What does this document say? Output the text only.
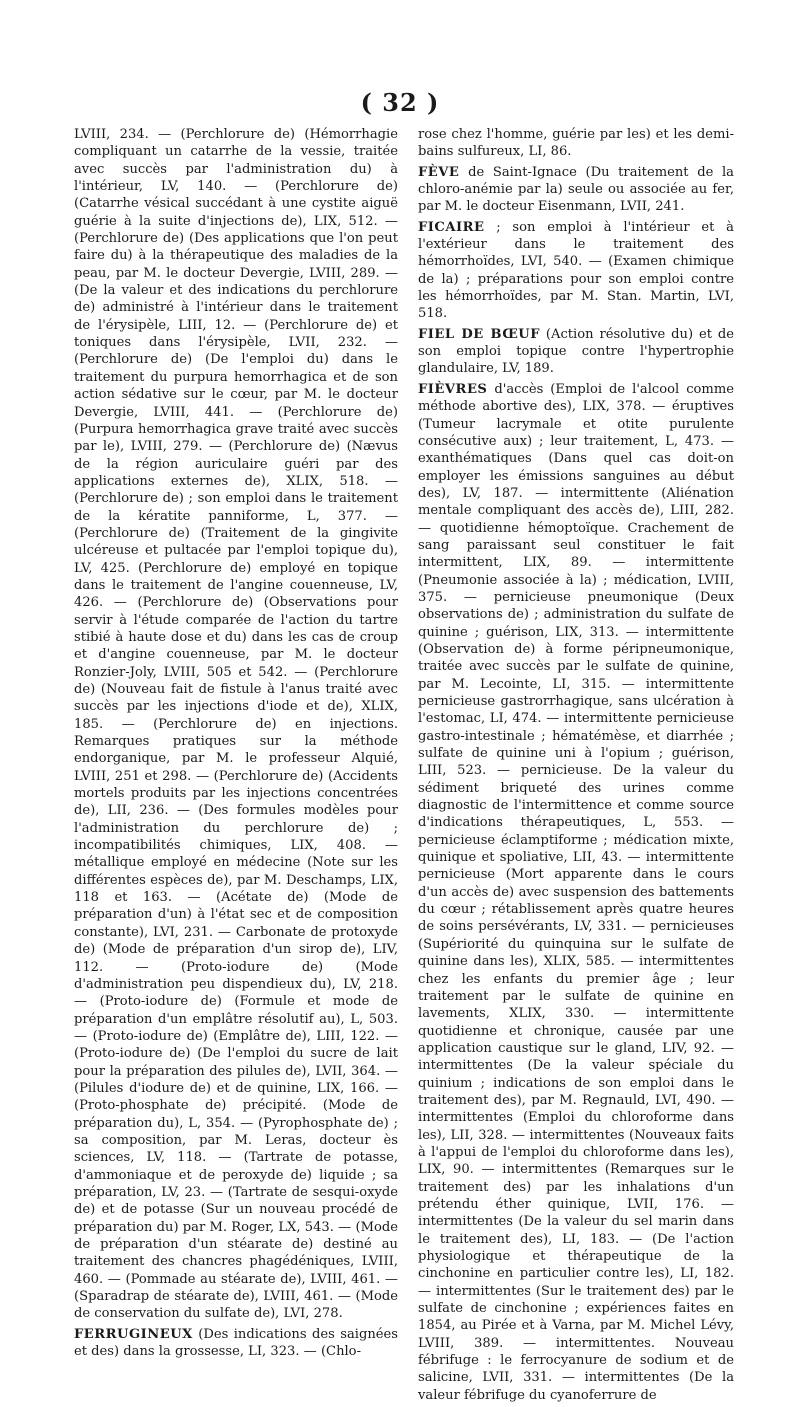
( 32 )

LVIII, 234. — (Perchlorure de) (Hémorrhagie compliquant un catarrhe de la vessie, traitée avec succès par l'administration du) à l'intérieur, LV, 140. — (Perchlorure de) (Catarrhe vésical succédant à une cystite aiguë guérie à la suite d'injections de), LIX, 512. — (Perchlorure de) (Des applications que l'on peut faire du) à la thérapeutique des maladies de la peau, par M. le docteur Devergie, LVIII, 289. — (De la valeur et des indications du perchlorure de) administré à l'intérieur dans le traitement de l'érysipèle, LIII, 12. — (Perchlorure de) et toniques dans l'érysipèle, LVII, 232. — (Perchlorure de) (De l'emploi du) dans le traitement du purpura hemorrhagica et de son action sédative sur le cœur, par M. le docteur Devergie, LVIII, 441. — (Perchlorure de) (Purpura hemorrhagica grave traité avec succès par le), LVIII, 279. — (Perchlorure de) (Nævus de la région auriculaire guéri par des applications externes de), XLIX, 518. — (Perchlorure de) ; son emploi dans le traitement de la kératite panniforme, L, 377. — (Perchlorure de) (Traitement de la gingivite ulcéreuse et pultacée par l'emploi topique du), LV, 425. (Perchlorure de) employé en topique dans le traitement de l'angine couenneuse, LV, 426. — (Perchlorure de) (Observations pour servir à l'étude comparée de l'action du tartre stibié à haute dose et du) dans les cas de croup et d'angine couenneuse, par M. le docteur Ronzier-Joly, LVIII, 505 et 542. — (Perchlorure de) (Nouveau fait de fistule à l'anus traité avec succès par les injections d'iode et de), XLIX, 185. — (Perchlorure de) en injections. Remarques pratiques sur la méthode endorganique, par M. le professeur Alquié, LVIII, 251 et 298. — (Perchlorure de) (Accidents mortels produits par les injections concentrées de), LII, 236. — (Des formules modèles pour l'administration du perchlorure de) ; incompatibilités chimiques, LIX, 408. — métallique employé en médecine (Note sur les différentes espèces de), par M. Deschamps, LIX, 118 et 163. — (Acétate de) (Mode de préparation d'un) à l'état sec et de composition constante), LVI, 231. — Carbonate de protoxyde de) (Mode de préparation d'un sirop de), LIV, 112. — (Proto-iodure de) (Mode d'administration peu dispendieux du), LV, 218. — (Proto-iodure de) (Formule et mode de préparation d'un emplâtre résolutif au), L, 503. — (Proto-iodure de) (Emplâtre de), LIII, 122. — (Proto-iodure de) (De l'emploi du sucre de lait pour la préparation des pilules de), LVII, 364. — (Pilules d'iodure de) et de quinine, LIX, 166. — (Proto-phosphate de) précipité. (Mode de préparation du), L, 354. — (Pyrophosphate de) ; sa composition, par M. Leras, docteur ès sciences, LV, 118. — (Tartrate de potasse, d'ammoniaque et de peroxyde de) liquide ; sa préparation, LV, 23. — (Tartrate de sesqui-oxyde de) et de potasse (Sur un nouveau procédé de préparation du) par M. Roger, LX, 543. — (Mode de préparation d'un stéarate de) destiné au traitement des chancres phagédéniques, LVIII, 460. — (Pommade au stéarate de), LVIII, 461. — (Sparadrap de stéarate de), LVIII, 461. — (Mode de conservation du sulfate de), LVI, 278.

FERRUGINEUX (Des indications des saignées et des) dans la grossesse, LI, 323. — (Chlo-

rose chez l'homme, guérie par les) et les demi-bains sulfureux, LI, 86.

FÈVE de Saint-Ignace (Du traitement de la chloro-anémie par la) seule ou associée au fer, par M. le docteur Eisenmann, LVII, 241.

FICAIRE ; son emploi à l'intérieur et à l'extérieur dans le traitement des hémorrhoïdes, LVI, 540. — (Examen chimique de la) ; préparations pour son emploi contre les hémorrhoïdes, par M. Stan. Martin, LVI, 518.

FIEL DE BŒUF (Action résolutive du) et de son emploi topique contre l'hypertrophie glandulaire, LV, 189.

FIÈVRES d'accès (Emploi de l'alcool comme méthode abortive des), LIX, 378. — éruptives (Tumeur lacrymale et otite purulente consécutive aux) ; leur traitement, L, 473. — exanthématiques (Dans quel cas doit-on employer les émissions sanguines au début des), LV, 187. — intermittente (Aliénation mentale compliquant des accès de), LIII, 282. — quotidienne hémoptoïque. Crachement de sang paraissant seul constituer le fait intermittent, LIX, 89. — intermittente (Pneumonie associée à la) ; médication, LVIII, 375. — pernicieuse pneumonique (Deux observations de) ; administration du sulfate de quinine ; guérison, LIX, 313. — intermittente (Observation de) à forme péripneumonique, traitée avec succès par le sulfate de quinine, par M. Lecointe, LI, 315. — intermittente pernicieuse gastrorrhagique, sans ulcération à l'estomac, LI, 474. — intermittente pernicieuse gastro-intestinale ; hématémèse, et diarrhée ; sulfate de quinine uni à l'opium ; guérison, LIII, 523. — pernicieuse. De la valeur du sédiment briqueté des urines comme diagnostic de l'intermittence et comme source d'indications thérapeutiques, L, 553. — pernicieuse éclamptiforme ; médication mixte, quinique et spoliative, LII, 43. — intermittente pernicieuse (Mort apparente dans le cours d'un accès de) avec suspension des battements du cœur ; rétablissement après quatre heures de soins persévérants, LV, 331. — pernicieuses (Supériorité du quinquina sur le sulfate de quinine dans les), XLIX, 585. — intermittentes chez les enfants du premier âge ; leur traitement par le sulfate de quinine en lavements, XLIX, 330. — intermittente quotidienne et chronique, causée par une application caustique sur le gland, LIV, 92. — intermittentes (De la valeur spéciale du quinium ; indications de son emploi dans le traitement des), par M. Regnauld, LVI, 490. — intermittentes (Emploi du chloroforme dans les), LII, 328. — intermittentes (Nouveaux faits à l'appui de l'emploi du chloroforme dans les), LIX, 90. — intermittentes (Remarques sur le traitement des) par les inhalations d'un prétendu éther quinique, LVII, 176. — intermittentes (De la valeur du sel marin dans le traitement des), LI, 183. — (De l'action physiologique et thérapeutique de la cinchonine en particulier contre les), LI, 182. — intermittentes (Sur le traitement des) par le sulfate de cinchonine ; expériences faites en 1854, au Pirée et à Varna, par M. Michel Lévy, LVIII, 389. — intermittentes. Nouveau fébrifuge : le ferrocyanure de sodium et de salicine, LVII, 331. — intermittentes (De la valeur fébrifuge du cyanoferrure de
